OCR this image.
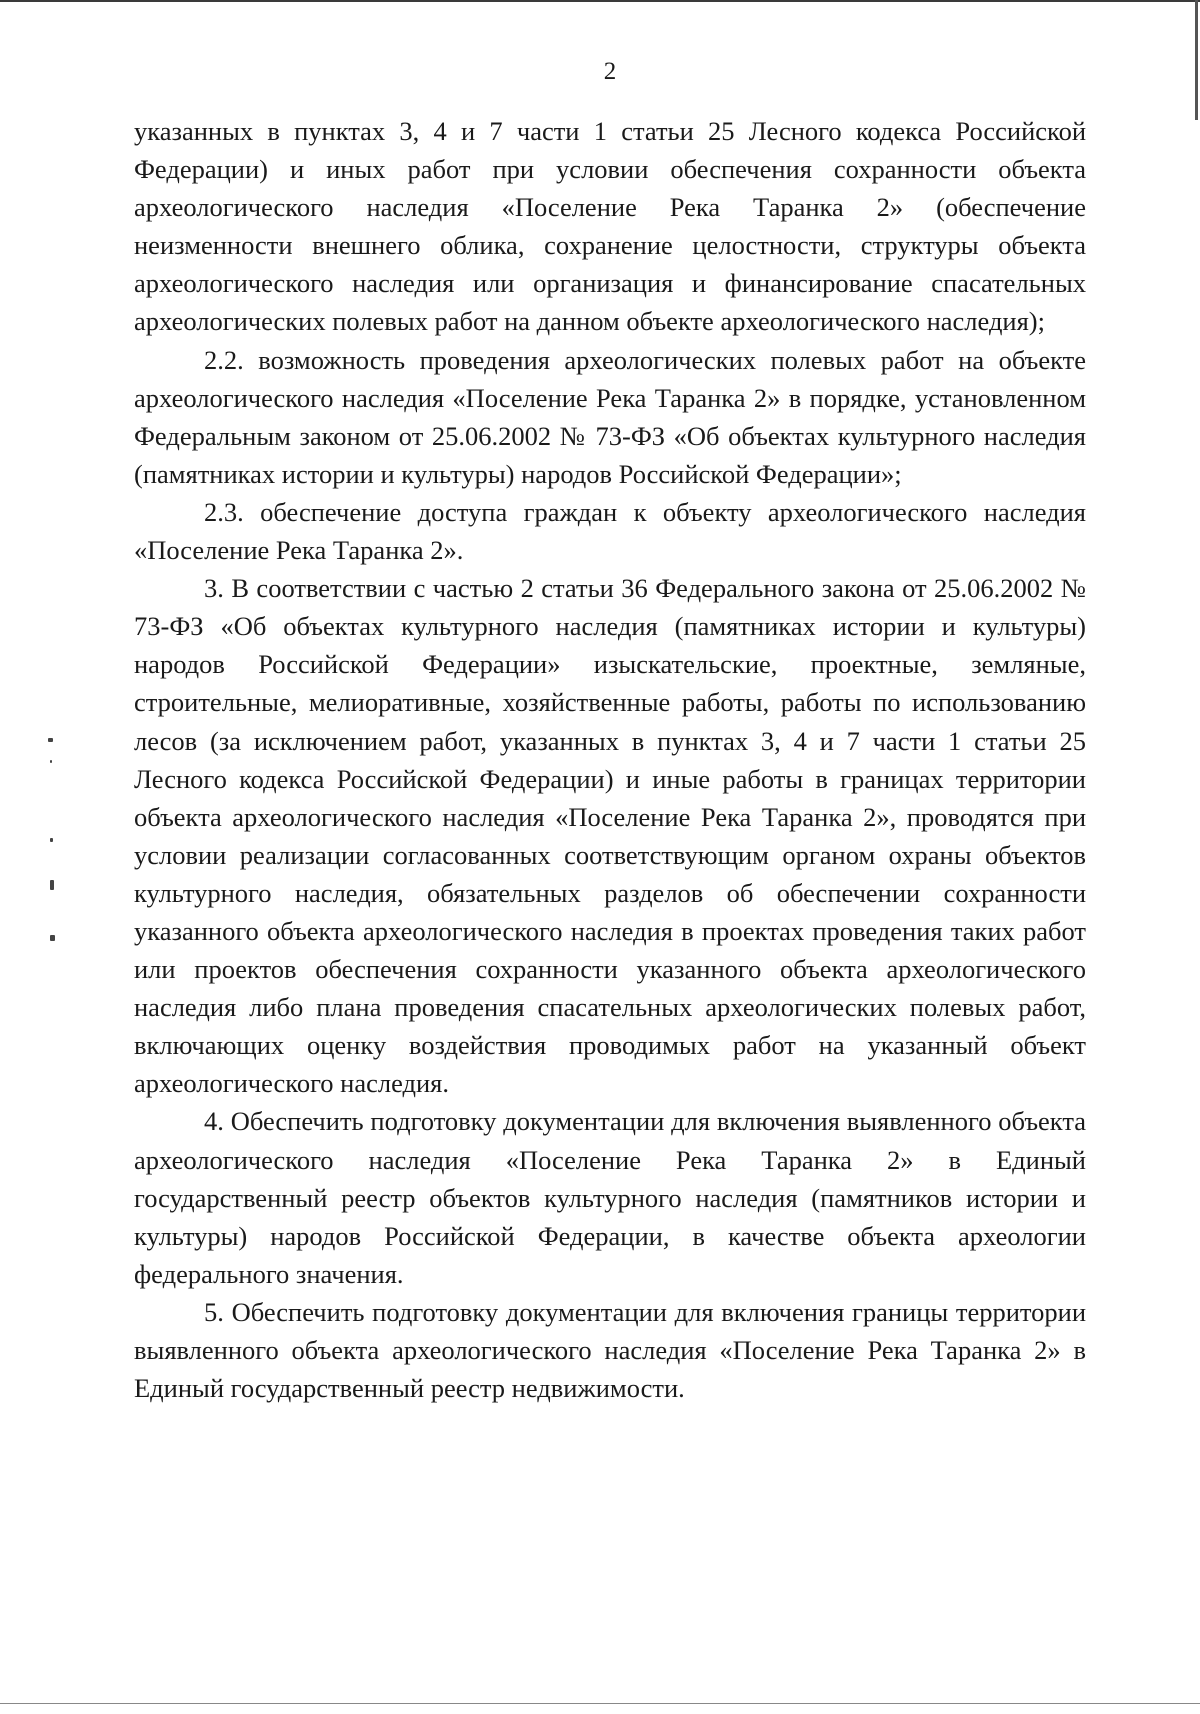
2

указанных в пунктах 3, 4 и 7 части 1 статьи 25 Лесного кодекса Российской Федерации) и иных работ при условии обеспечения сохранности объекта археологического наследия «Поселение Река Таранка 2» (обеспечение неизменности внешнего облика, сохранение целостности, структуры объекта археологического наследия или организация и финансирование спасательных археологических полевых работ на данном объекте археологического наследия);

2.2. возможность проведения археологических полевых работ на объекте археологического наследия «Поселение Река Таранка 2» в порядке, установленном Федеральным законом от 25.06.2002 № 73-ФЗ «Об объектах культурного наследия (памятниках истории и культуры) народов Российской Федерации»;

2.3. обеспечение доступа граждан к объекту археологического наследия «Поселение Река Таранка 2».

3. В соответствии с частью 2 статьи 36 Федерального закона от 25.06.2002 № 73-ФЗ «Об объектах культурного наследия (памятниках истории и культуры) народов Российской Федерации» изыскательские, проектные, земляные, строительные, мелиоративные, хозяйственные работы, работы по использованию лесов (за исключением работ, указанных в пунктах 3, 4 и 7 части 1 статьи 25 Лесного кодекса Российской Федерации) и иные работы в границах территории объекта археологического наследия «Поселение Река Таранка 2», проводятся при условии реализации согласованных соответствующим органом охраны объектов культурного наследия, обязательных разделов об обеспечении сохранности указанного объекта археологического наследия в проектах проведения таких работ или проектов обеспечения сохранности указанного объекта археологического наследия либо плана проведения спасательных археологических полевых работ, включающих оценку воздействия проводимых работ на указанный объект археологического наследия.

4. Обеспечить подготовку документации для включения выявленного объекта археологического наследия «Поселение Река Таранка 2» в Единый государственный реестр объектов культурного наследия (памятников истории и культуры) народов Российской Федерации, в качестве объекта археологии федерального значения.

5. Обеспечить подготовку документации для включения границы территории выявленного объекта археологического наследия «Поселение Река Таранка 2» в Единый государственный реестр недвижимости.
